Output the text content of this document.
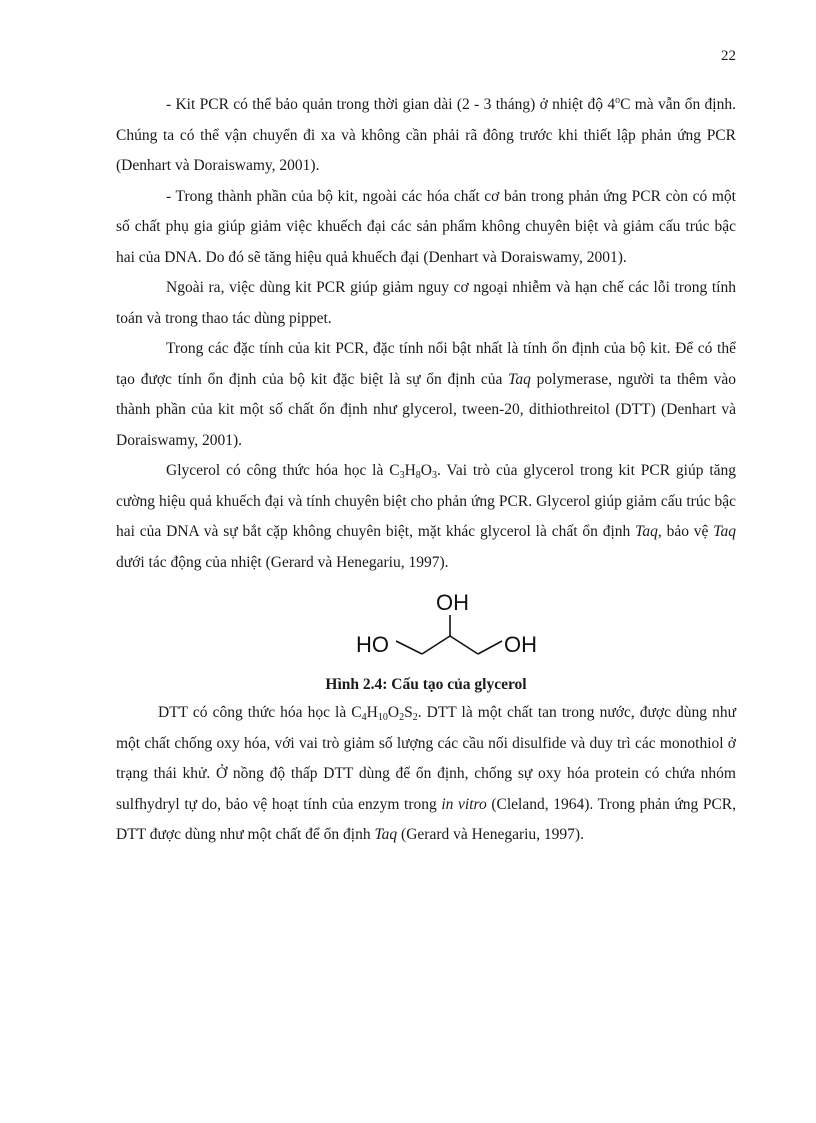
22

- Kit PCR có thể bảo quản trong thời gian dài (2 - 3 tháng) ở nhiệt độ 4$^o$C mà vẫn ổn định. Chúng ta có thể vận chuyển đi xa và không cần phải rã đông trước khi thiết lập phản ứng PCR (Denhart và Doraiswamy, 2001).

- Trong thành phần của bộ kit, ngoài các hóa chất cơ bản trong phản ứng PCR còn có một số chất phụ gia giúp giảm việc khuếch đại các sản phẩm không chuyên biệt và giảm cấu trúc bậc hai của DNA. Do đó sẽ tăng hiệu quả khuếch đại (Denhart và Doraiswamy, 2001).

Ngoài ra, việc dùng kit PCR giúp giảm nguy cơ ngoại nhiễm và hạn chế các lỗi trong tính toán và trong thao tác dùng pippet.

Trong các đặc tính của kit PCR, đặc tính nổi bật nhất là tính ổn định của bộ kit. Để có thể tạo được tính ổn định của bộ kit đặc biệt là sự ổn định của Taq polymerase, người ta thêm vào thành phần của kit một số chất ổn định như glycerol, tween-20, dithiothreitol (DTT) (Denhart và Doraiswamy, 2001).

Glycerol có công thức hóa học là $C_3H_8O_3$. Vai trò của glycerol trong kit PCR giúp tăng cường hiệu quả khuếch đại và tính chuyên biệt cho phản ứng PCR. Glycerol giúp giảm cấu trúc bậc hai của DNA và sự bắt cặp không chuyên biệt, mặt khác glycerol là chất ổn định Taq, bảo vệ Taq dưới tác động của nhiệt (Gerard và Henegariu, 1997).

OH
HO	OH
Hình 2.4: Cấu tạo của glycerol

DTT có công thức hóa học là $C_4H_{10}O_2S_2$. DTT là một chất tan trong nước, được dùng như một chất chống oxy hóa, với vai trò giảm số lượng các cầu nối disulfide và duy trì các monothiol ở trạng thái khử. Ở nồng độ thấp DTT dùng để ổn định, chống sự oxy hóa protein có chứa nhóm sulfhydryl tự do, bảo vệ hoạt tính của enzym trong in vitro (Cleland, 1964). Trong phản ứng PCR, DTT được dùng như một chất để ổn định Taq (Gerard và Henegariu, 1997).
